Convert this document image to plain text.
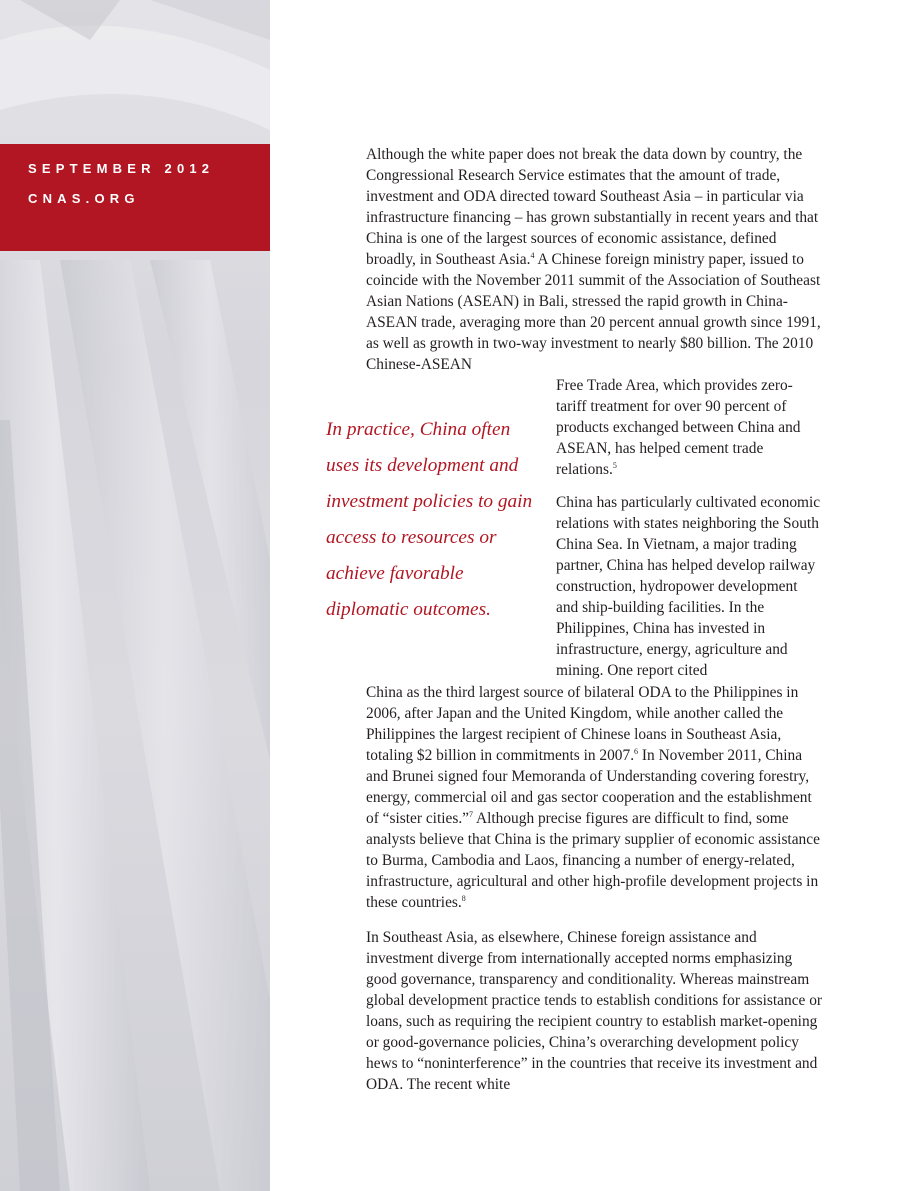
SEPTEMBER 2012
CNAS.ORG

Although the white paper does not break the data down by country, the Congressional Research Service estimates that the amount of trade, investment and ODA directed toward Southeast Asia – in particular via infrastructure financing – has grown substantially in recent years and that China is one of the largest sources of economic assistance, defined broadly, in Southeast Asia.$^4$ A Chinese foreign ministry paper, issued to coincide with the November 2011 summit of the Association of Southeast Asian Nations (ASEAN) in Bali, stressed the rapid growth in China-ASEAN trade, averaging more than 20 percent annual growth since 1991, as well as growth in two-way investment to nearly $80 billion. The 2010 Chinese-ASEAN

Free Trade Area, which provides zero-tariff treatment for over 90 percent of products exchanged between China and ASEAN, has helped cement trade relations.$^5$

In practice, China often uses its development and investment policies to gain access to resources or achieve favorable diplomatic outcomes.

China has particularly cultivated economic relations with states neighboring the South China Sea. In Vietnam, a major trading partner, China has helped develop railway construction, hydropower development and ship-building facilities. In the Philippines, China has invested in infrastructure, energy, agriculture and mining. One report cited

China as the third largest source of bilateral ODA to the Philippines in 2006, after Japan and the United Kingdom, while another called the Philippines the largest recipient of Chinese loans in Southeast Asia, totaling $2 billion in commitments in 2007.$^6$ In November 2011, China and Brunei signed four Memoranda of Understanding covering forestry, energy, commercial oil and gas sector cooperation and the establishment of “sister cities.”$^7$ Although precise figures are difficult to find, some analysts believe that China is the primary supplier of economic assistance to Burma, Cambodia and Laos, financing a number of energy-related, infrastructure, agricultural and other high-profile development projects in these countries.$^8$

In Southeast Asia, as elsewhere, Chinese foreign assistance and investment diverge from internationally accepted norms emphasizing good governance, transparency and conditionality. Whereas mainstream global development practice tends to establish conditions for assistance or loans, such as requiring the recipient country to establish market-opening or good-governance policies, China’s overarching development policy hews to “noninterference” in the countries that receive its investment and ODA. The recent white
